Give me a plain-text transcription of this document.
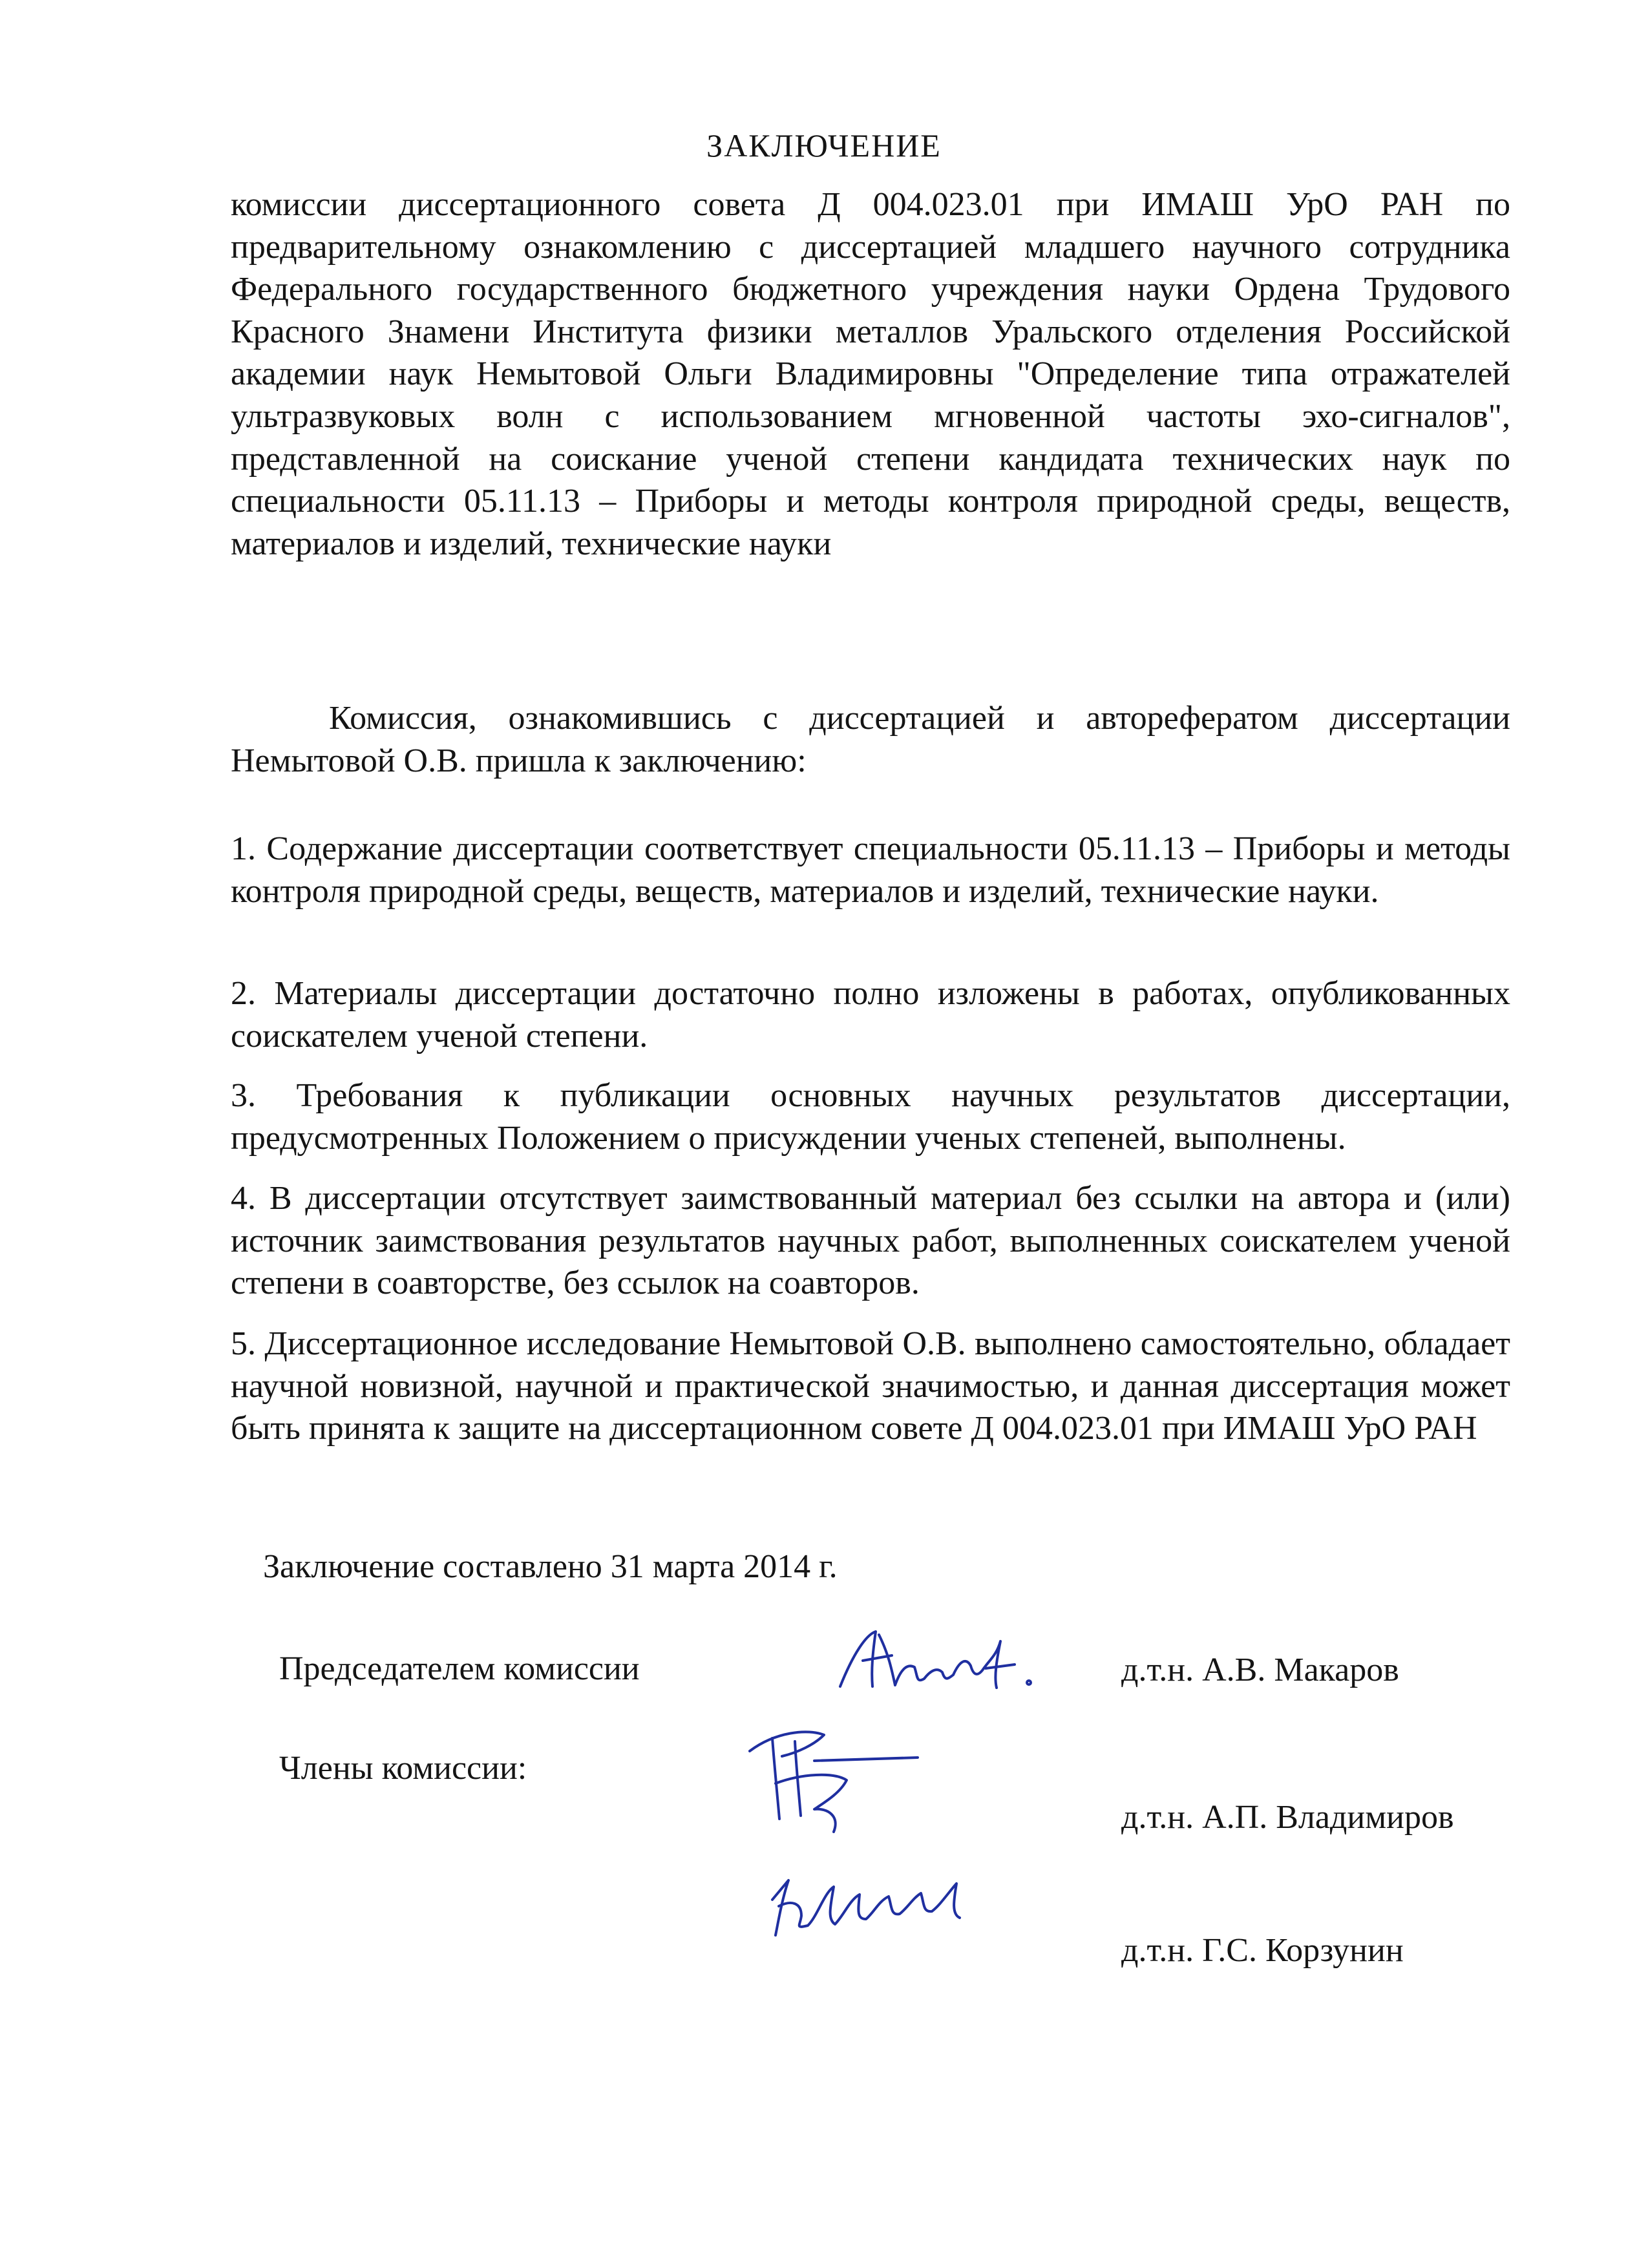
ЗАКЛЮЧЕНИЕ

комиссии диссертационного совета Д 004.023.01 при ИМАШ УрО РАН по предварительному ознакомлению с диссертацией младшего научного сотрудника Федерального государственного бюджетного учреждения науки Ордена Трудового Красного Знамени Института физики металлов Уральского отделения Российской академии наук Немытовой Ольги Владимировны "Определение типа отражателей ультразвуковых волн с использованием мгновенной частоты эхо-сигналов", представленной на соискание ученой степени кандидата технических наук по специальности 05.11.13 – Приборы и методы контроля природной среды, веществ, материалов и изделий, технические науки

Комиссия, ознакомившись с диссертацией и авторефератом диссертации Немытовой О.В. пришла к заключению:

1. Содержание диссертации соответствует специальности 05.11.13 – Приборы и методы контроля природной среды, веществ, материалов и изделий, технические науки.

2. Материалы диссертации достаточно полно изложены в работах, опубликованных соискателем ученой степени.

3. Требования к публикации основных научных результатов диссертации, предусмотренных Положением о присуждении ученых степеней, выполнены.

4. В диссертации отсутствует заимствованный материал без ссылки на автора и (или) источник заимствования результатов научных работ, выполненных соискателем ученой степени в соавторстве, без ссылок на соавторов.

5. Диссертационное исследование Немытовой О.В. выполнено самостоятельно, обладает научной новизной, научной и практической значимостью, и данная диссертация может быть принята к защите на диссертационном совете Д 004.023.01 при ИМАШ УрО РАН

Заключение составлено 31 марта 2014 г.
Председателем комиссии
Члены комиссии:
д.т.н. А.В. Макаров
д.т.н. А.П. Владимиров
д.т.н. Г.С. Корзунин
